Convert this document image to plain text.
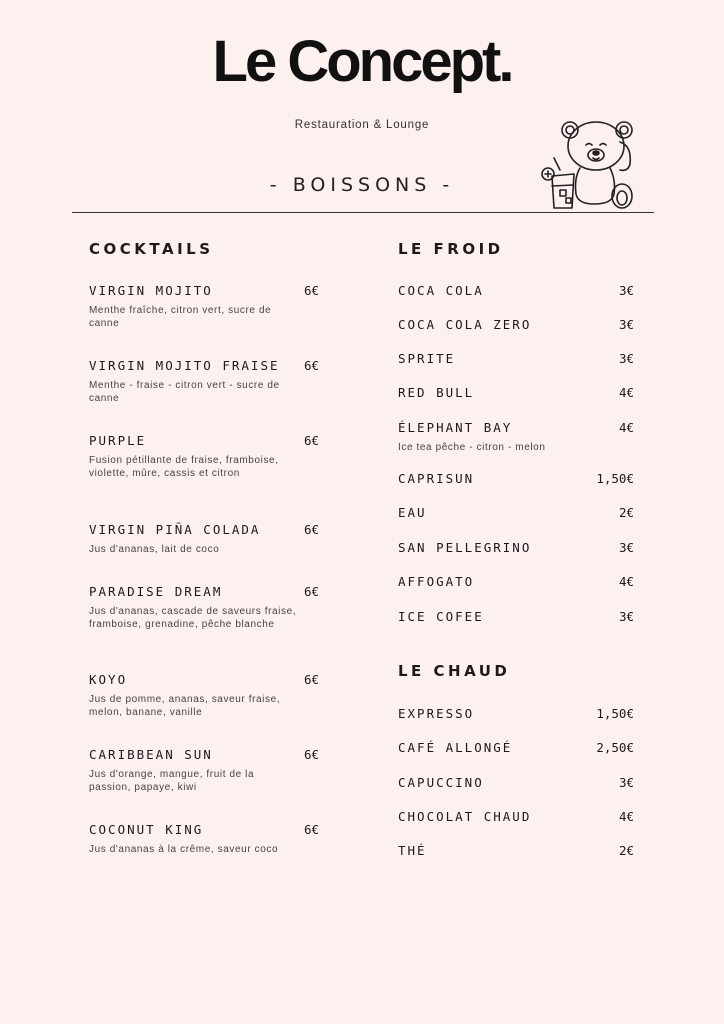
Le Concept.
Restauration & Lounge
- BOISSONS -
COCKTAILS	LE FROID
LE CHAUD
VIRGIN MOJITO	6€
Menthe fraîche, citron vert, sucre de canne
VIRGIN MOJITO FRAISE 6€
Menthe - fraise - citron vert - sucre de canne
PURPLE	6€
Fusion pétillante de fraise, framboise, violette, mûre, cassis et citron
VIRGIN PIÑA COLADA	6€
Jus d'ananas, lait de coco
PARADISE DREAM	6€
Jus d'ananas, cascade de saveurs fraise, framboise, grenadine, pêche blanche
KOYO	6€
Jus de pomme, ananas, saveur fraise, melon, banane, vanille
CARIBBEAN SUN	6€
Jus d'orange, mangue, fruit de la passion, papaye, kiwi
COCONUT KING	6€
Jus d'ananas à la crême, saveur coco
COCA COLA	3€
COCA COLA ZERO	3€
SPRITE	3€
RED BULL	4€
ÉLEPHANT BAY	4€
Ice tea pêche - citron - melon
CAPRISUN	1,50€
EAU	2€
SAN PELLEGRINO	3€
AFFOGATO	4€
ICE COFEE	3€
EXPRESSO	1,50€
CAFÉ ALLONGÉ	2,50€
CAPUCCINO	3€
CHOCOLAT CHAUD	4€
THÉ	2€
